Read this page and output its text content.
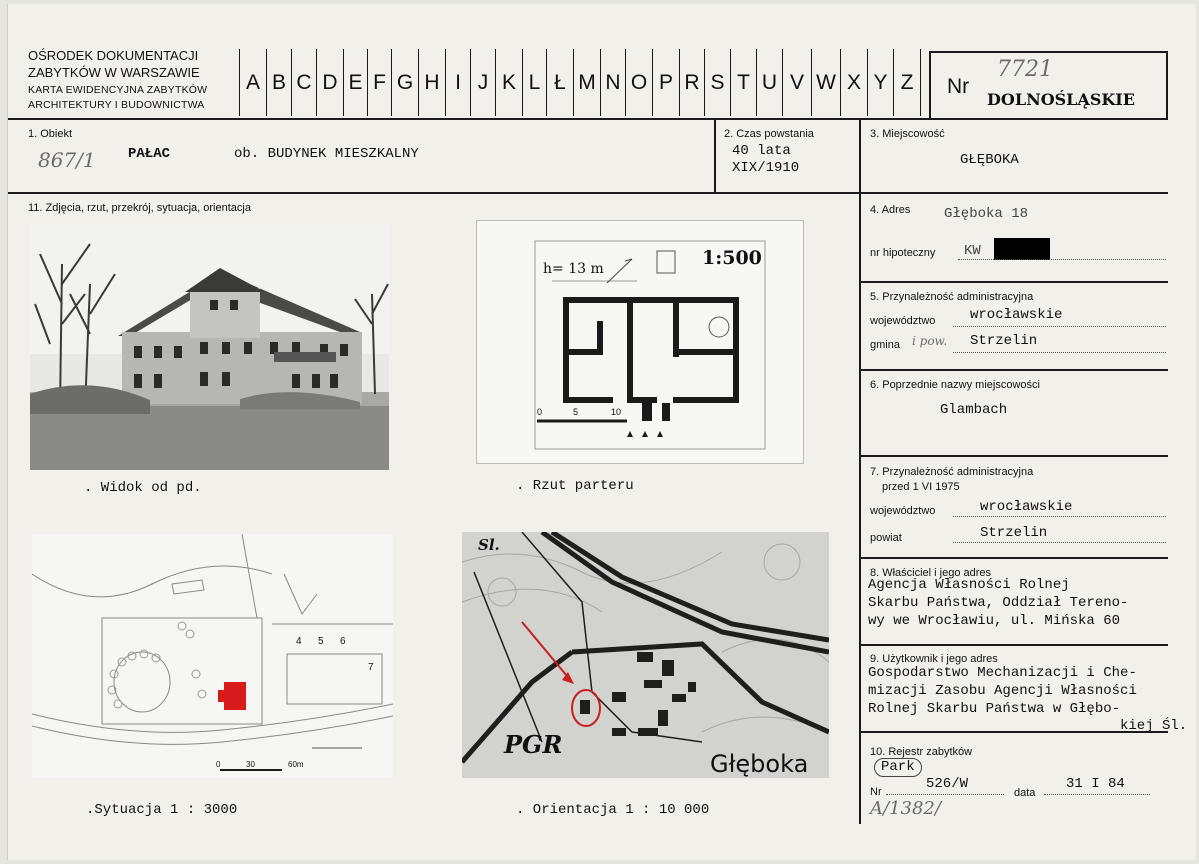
OŚRODEK DOKUMENTACJI
ZABYTKÓW W WARSZAWIE
KARTA EWIDENCYJNA ZABYTKÓW
ARCHITEKTURY I BUDOWNICTWA
A B C D E F G H I J K L Ł M N O P R S T U V W X Y Z	Nr
7721
DOLNOŚLĄSKIE
1. Obiekt
867/1 PAŁAC	ob. BUDYNEK MIESZKALNY
2. Czas powstania
40 lata
XIX/1910
3. Miejscowość
GŁĘBOKA
11. Zdjęcia, rzut, przekrój, sytuacja, orientacja
. Widok od pd.
h= 13 m	1:500
0	5	10
. Rzut parteru
4 5 6
7
0	30	60m
.Sytuacja 1 : 3000
Sl.
PGR
Głęboka
. Orientacja 1 : 10 000
4. Adres Głęboka 18
nr hipoteczny KW
5. Przynależność administracyjna
województwo wrocławskie
gmina i pow. Strzelin
6. Poprzednie nazwy miejscowości
Glambach
7. Przynależność administracyjna
przed 1 VI 1975
województwo	wrocławskie
powiat	Strzelin
8. Właściciel i jego adres
Agencja Własności Rolnej
Skarbu Państwa, Oddział Tereno-
wy we Wrocławiu, ul. Mińska 60
9. Użytkownik i jego adres
Gospodarstwo Mechanizacji i Che-
mizacji Zasobu Agencji Własności
Rolnej Skarbu Państwa w Głębo-
kiej Śl.
10. Rejestr zabytków
Park
Nr	526/W
data
31 I 84
A/1382/
